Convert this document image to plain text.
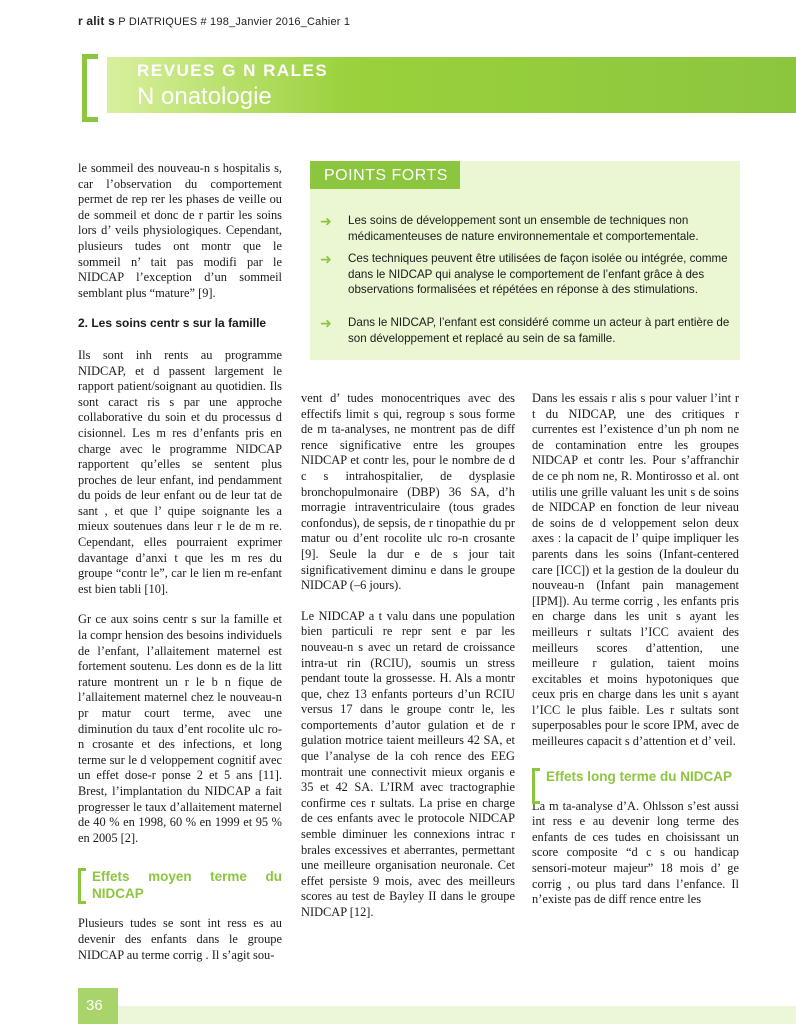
r alit s P DIATRIQUES # 198_Janvier 2016_Cahier 1
REVUES G N RALES
N onatologie

le sommeil des nouveau-n s hospitalis s, car l’observation du comportement permet de rep rer les phases de veille ou de sommeil et donc de r partir les soins lors d’ veils physiologiques. Cependant, plusieurs tudes ont montr que le sommeil n’ tait pas modifi par le NIDCAP l’exception d’un sommeil semblant plus “mature” [9].

2. Les soins centr s sur la famille

Ils sont inh rents au programme NIDCAP, et d passent largement le rapport patient/soignant au quotidien. Ils sont caract ris s par une approche collaborative du soin et du processus d cisionnel. Les m res d’enfants pris en charge avec le programme NIDCAP rapportent qu’elles se sentent plus proches de leur enfant, ind pendamment du poids de leur enfant ou de leur tat de sant , et que l’ quipe soignante les a mieux soutenues dans leur r le de m re. Cependant, elles pourraient exprimer davantage d’anxi t que les m res du groupe “contr le”, car le lien m re-enfant est bien tabli [10].

Gr ce aux soins centr s sur la famille et la compr hension des besoins individuels de l’enfant, l’allaitement maternel est fortement soutenu. Les donn es de la litt rature montrent un r le b n fique de l’allaitement maternel chez le nouveau-n pr matur court terme, avec une diminution du taux d’ent rocolite ulc ro-n crosante et des infections, et long terme sur le d veloppement cognitif avec un effet dose-r ponse 2 et 5 ans [11]. Brest, l’implantation du NIDCAP a fait progresser le taux d’allaitement maternel de 40 % en 1998, 60 % en 1999 et 95 % en 2005 [2].

Effets moyen terme du NIDCAP

Plusieurs tudes se sont int ress es au devenir des enfants dans le groupe NIDCAP au terme corrig . Il s’agit sou-

POINTS FORTS
➜	Les soins de développement sont un ensemble de techniques non médicamenteuses de nature environnementale et comportementale.
➜	Ces techniques peuvent être utilisées de façon isolée ou intégrée, comme dans le NIDCAP qui analyse le comportement de l’enfant grâce à des observations formalisées et répétées en réponse à des stimulations.
➜	Dans le NIDCAP, l’enfant est considéré comme un acteur à part entière de son développement et replacé au sein de sa famille.

vent d’ tudes monocentriques avec des effectifs limit s qui, regroup s sous forme de m ta-analyses, ne montrent pas de diff rence significative entre les groupes NIDCAP et contr les, pour le nombre de d c s intrahospitalier, de dysplasie bronchopulmonaire (DBP) 36 SA, d’h morragie intraventriculaire (tous grades confondus), de sepsis, de r tinopathie du pr matur ou d’ent rocolite ulc ro-n crosante [9]. Seule la dur e de s jour tait significativement diminu e dans le groupe NIDCAP (–6 jours).

Le NIDCAP a t valu dans une population bien particuli re repr sent e par les nouveau-n s avec un retard de croissance intra-ut rin (RCIU), soumis un stress pendant toute la grossesse. H. Als a montr que, chez 13 enfants porteurs d’un RCIU versus 17 dans le groupe contr le, les comportements d’autor gulation et de r gulation motrice taient meilleurs 42 SA, et que l’analyse de la coh rence des EEG montrait une connectivit mieux organis e 35 et 42 SA. L’IRM avec tractographie confirme ces r sultats. La prise en charge de ces enfants avec le protocole NIDCAP semble diminuer les connexions intrac r brales excessives et aberrantes, permettant une meilleure organisation neuronale. Cet effet persiste 9 mois, avec des meilleurs scores au test de Bayley II dans le groupe NIDCAP [12].

Dans les essais r alis s pour valuer l’int r t du NIDCAP, une des critiques r currentes est l’existence d’un ph nom ne de contamination entre les groupes NIDCAP et contr les. Pour s’affranchir de ce ph nom ne, R. Montirosso et al. ont utilis une grille valuant les unit s de soins de NIDCAP en fonction de leur niveau de soins de d veloppement selon deux axes : la capacit de l’ quipe impliquer les parents dans les soins (Infant-centered care [ICC]) et la gestion de la douleur du nouveau-n (Infant pain management [IPM]). Au terme corrig , les enfants pris en charge dans les unit s ayant les meilleurs r sultats l’ICC avaient des meilleurs scores d’attention, une meilleure r gulation, taient moins excitables et moins hypotoniques que ceux pris en charge dans les unit s ayant l’ICC le plus faible. Les r sultats sont superposables pour le score IPM, avec de meilleures capacit s d’attention et d’ veil.

Effets long terme du NIDCAP

La m ta-analyse d’A. Ohlsson s’est aussi int ress e au devenir long terme des enfants de ces tudes en choisissant un score composite “d c s ou handicap sensori-moteur majeur” 18 mois d’ ge corrig , ou plus tard dans l’enfance. Il n’existe pas de diff rence entre les

36
